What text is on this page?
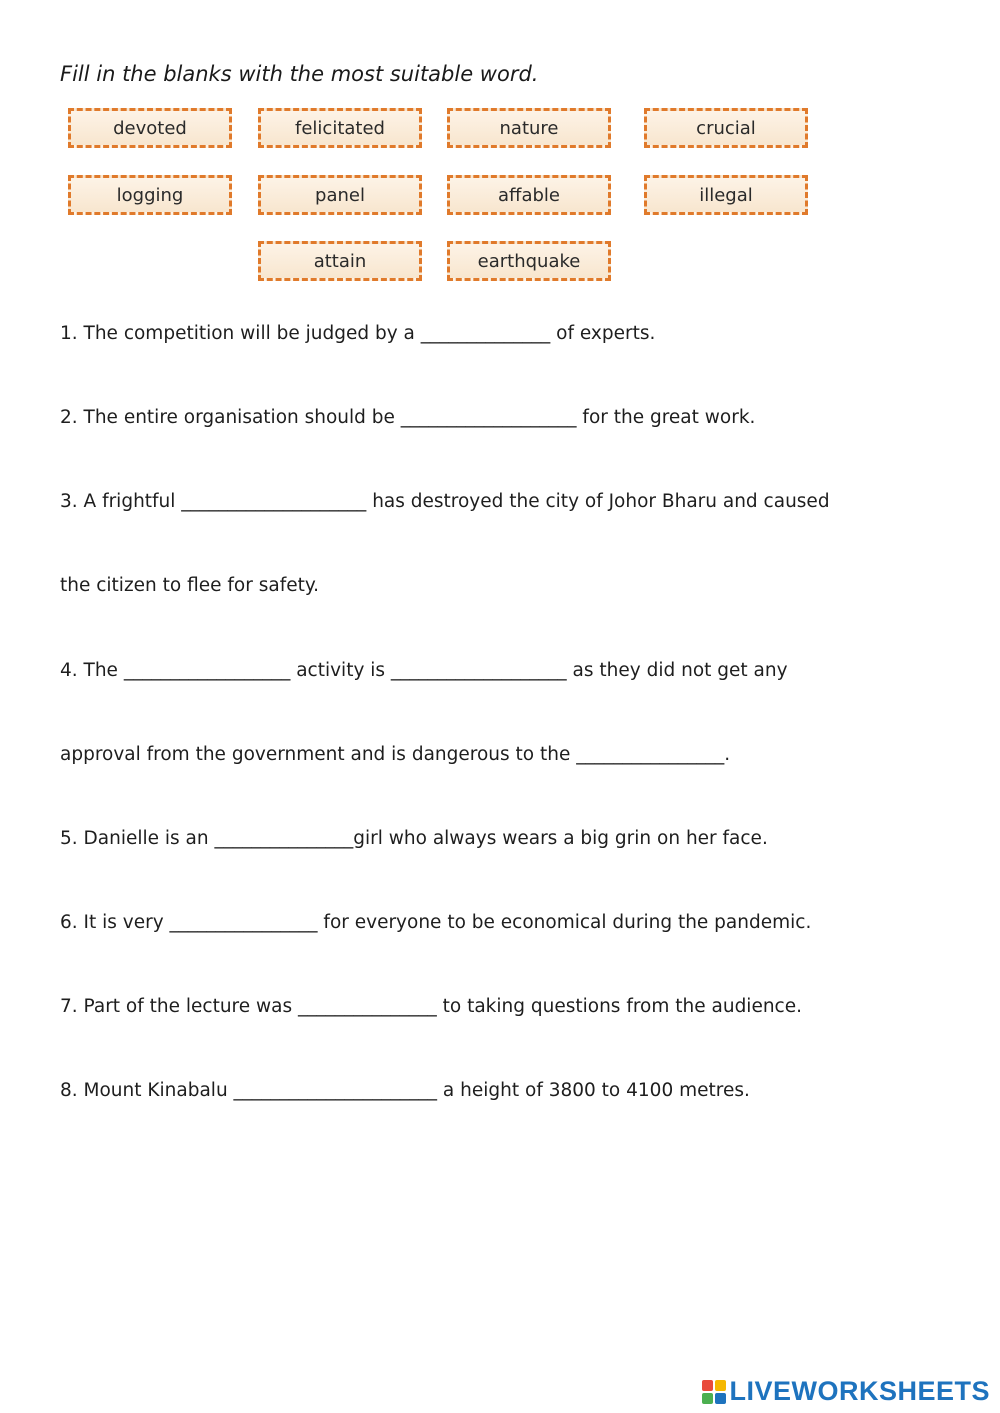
Fill in the blanks with the most suitable word.
devoted	felicitated	nature	crucial
logging	panel	affable	illegal
attain	earthquake
1. The competition will be judged by a ______________ of experts.
2. The entire organisation should be ___________________ for the great work.
3. A frightful ____________________ has destroyed the city of Johor Bharu and caused
the citizen to flee for safety.
4. The __________________ activity is ___________________ as they did not get any
approval from the government and is dangerous to the ________________.
5. Danielle is an _______________girl who always wears a big grin on her face.
6. It is very ________________ for everyone to be economical during the pandemic.
7. Part of the lecture was _______________ to taking questions from the audience.
8. Mount Kinabalu ______________________ a height of 3800 to 4100 metres.
LIVEWORKSHEETS
